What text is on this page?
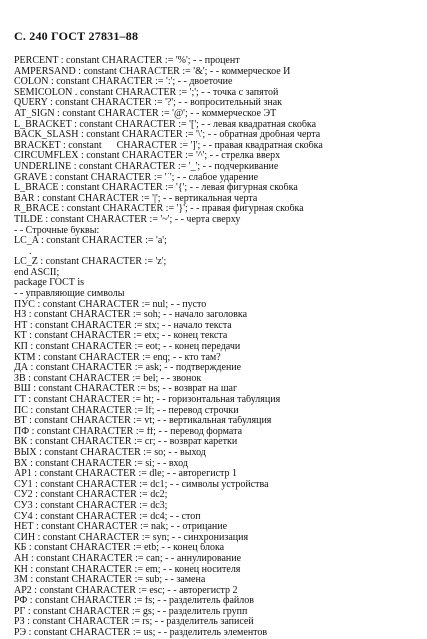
С. 240 ГОСТ 27831–88
PERCENT : constant CHARACTER := '%'; - - процент
AMPERSAND : constant CHARACTER := '&'; - - коммерческое И
COLON : constant CHARACTER := ':'; - - двоеточие
SEMICOLON . constant CHARACTER := ';'; - - точка с запятой
QUERY : constant CHARACTER := '?'; - - вопросительный знак
AT_SIGN : constant CHARACTER := '@'; - - коммерческое ЭТ
L_BRACKET : constant CHARACTER := '['; - - левая квадратная скобка
BACK_SLASH : constant CHARACTER := '\'; - - обратная дробная черта
BRACKET : constant      CHARACTER := ']'; - - правая квадратная скобка
CIRCUMFLEX : constant CHARACTER := '^'; - - стрелка вверх
UNDERLINE : constant CHARACTER := '_'; - - подчеркивание
GRAVE : constant CHARACTER := '`'; - - слабое ударение
L_BRACE : constant CHARACTER := '{'; - - левая фигурная скобка
BAR : constant CHARACTER := '|'; - - вертикальная черта
R_BRACE : constant CHARACTER := '}'; - - правая фигурная скобка
TILDE : constant CHARACTER := '~'; - - черта сверху
- - Строчные буквы:
LC_A : constant CHARACTER := 'a';
.
LC_Z : constant CHARACTER := 'z';
end ASCII;
package ГОСТ is
- - управляющие символы
ПУС : constant CHARACTER := nul; - - пусто
НЗ : constant CHARACTER := soh; - - начало заголовка
НТ : constant CHARACTER := stx; - - начало текста
КТ : constant CHARACTER := etx; - - конец текста
КП : constant CHARACTER := eot; - - конец передачи
КТМ : constant CHARACTER := enq; - - кто там?
ДА : constant CHARACTER := ask; - - подтверждение
ЗВ : constant CHARACTER := bel; - - звонок
ВШ : constant CHARACTER := bs; - - возврат на шаг
ГТ : constant CHARACTER := ht; - - горизонтальная табуляция
ПС : constant CHARACTER := lf; - - перевод строчки
ВТ : constant CHARACTER := vt; - - вертикальная табуляция
ПФ : constant CHARACTER := ff; - - перевод формата
ВК : constant CHARACTER := cr; - - возврат каретки
ВЫХ : constant CHARACTER := so; - - выход
ВХ : constant CHARACTER := si; - - вход
АР1 : constant CHARACTER := dle; - - авторегистр 1
СУ1 : constant CHARACTER := dc1; - - символы устройства
СУ2 : constant CHARACTER := dc2;
СУ3 : constant CHARACTER := dc3;
СУ4 : constant CHARACTER := dc4; - - стоп
НЕТ : constant CHARACTER := nak; - - отрицание
СИН : constant CHARACTER := syn; - - синхронизация
КБ : constant CHARACTER := etb; - - конец блока
АН : constant CHARACTER := can; - - аннулирование
КН : constant CHARACTER := em; - - конец носителя
ЗМ : constant CHARACTER := sub; - - замена
АР2 : constant CHARACTER := esc; - - авторегистр 2
РФ : constant CHARACTER := fs; - - разделитель файлов
РГ : constant CHARACTER := gs; - - разделитель групп
РЗ : constant CHARACTER := rs; - - разделитель записей
РЭ : constant CHARACTER := us; - - разделитель элементов
